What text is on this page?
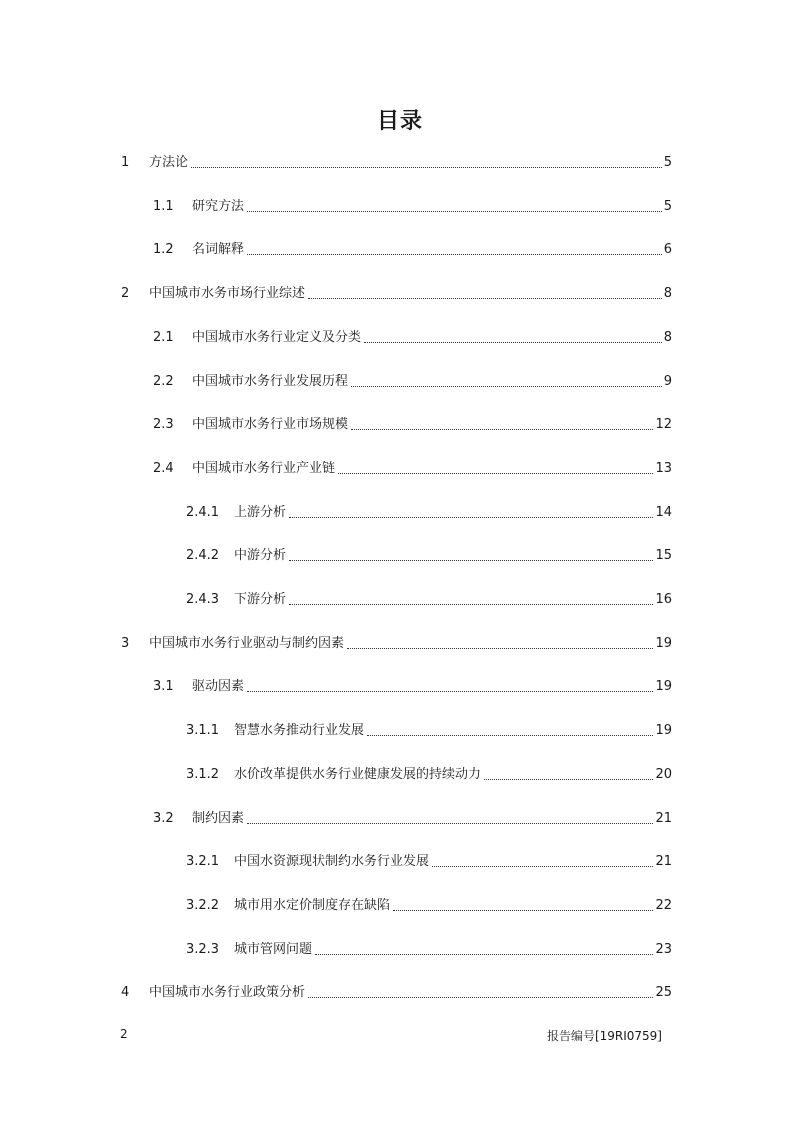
目录
1	方法论	5
1.1	研究方法	5
1.2	名词解释	6
2	中国城市水务市场行业综述	8
2.1	中国城市水务行业定义及分类	8
2.2	中国城市水务行业发展历程	9
2.3	中国城市水务行业市场规模	12
2.4	中国城市水务行业产业链	13
2.4.1	上游分析	14
2.4.2	中游分析	15
2.4.3	下游分析	16
3	中国城市水务行业驱动与制约因素	19
3.1	驱动因素	19
3.1.1	智慧水务推动行业发展	19
3.1.2	水价改革提供水务行业健康发展的持续动力	20
3.2	制约因素	21
3.2.1	中国水资源现状制约水务行业发展	21
3.2.2	城市用水定价制度存在缺陷	22
3.2.3	城市管网问题	23
4	中国城市水务行业政策分析	25
2	报告编号[19RI0759]
